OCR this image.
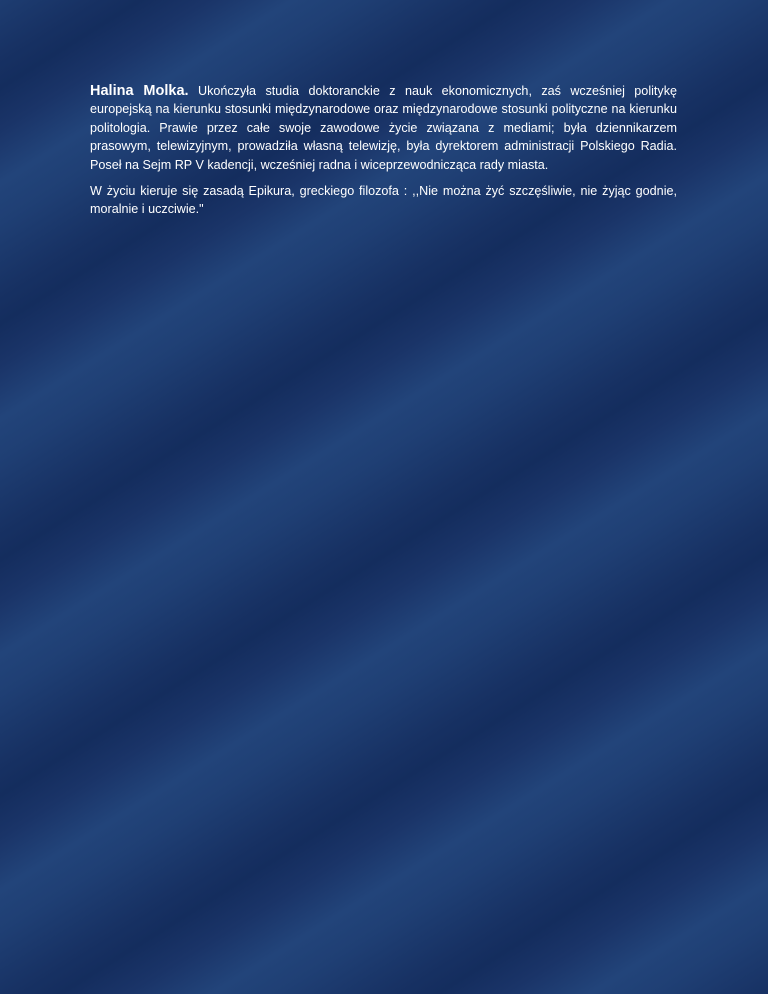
Halina Molka. Ukończyła studia doktoranckie z nauk ekonomicznych, zaś wcześniej politykę europejską na kierunku stosunki międzynarodowe oraz międzynarodowe stosunki polityczne na kierunku politologia. Prawie przez całe swoje zawodowe życie związana z mediami; była dziennikarzem prasowym, telewizyjnym, prowadziła własną telewizję, była dyrektorem administracji Polskiego Radia. Poseł na Sejm RP V kadencji, wcześniej radna i wiceprzewodnicząca rady miasta.

W życiu kieruje się zasadą Epikura, greckiego filozofa : ,,Nie można żyć szczęśliwie, nie żyjąc godnie, moralnie i uczciwie."
